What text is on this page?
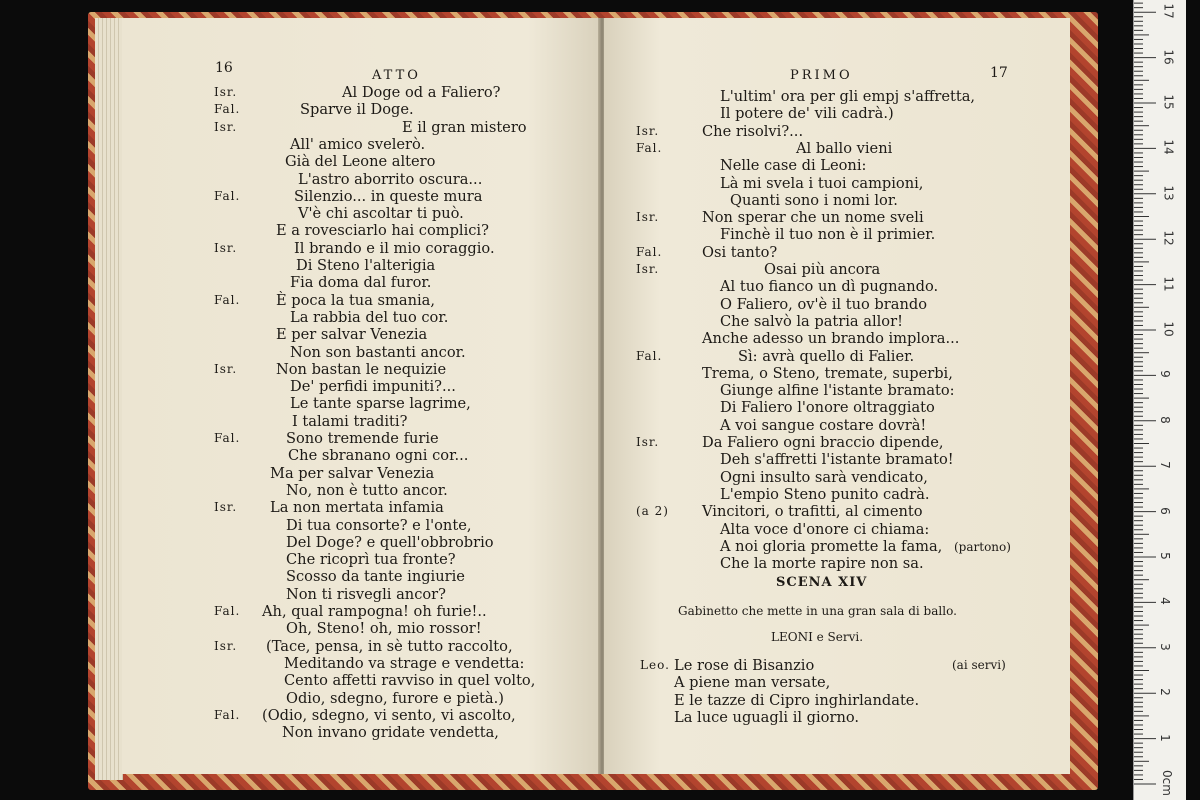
16	ATTO
Isr.	Al Doge od a Faliero?
Fal.	Sparve il Doge.
Isr.	E il gran mistero
All' amico svelerò.
Già del Leone altero
L'astro aborrito oscura...
Fal.	Silenzio... in queste mura
V'è chi ascoltar ti può.
E a rovesciarlo hai complici?
Isr.	Il brando e il mio coraggio.
Di Steno l'alterigia
Fia doma dal furor.
Fal. È poca la tua smania,
La rabbia del tuo cor.
E per salvar Venezia
Non son bastanti ancor.
Isr.	Non bastan le nequizie
De' perfidi impuniti?...
Le tante sparse lagrime,
I talami traditi?
Fal.	Sono tremende furie
Che sbranano ogni cor...
Ma per salvar Venezia
No, non è tutto ancor.
Isr. La non mertata infamia
Di tua consorte? e l'onte,
Del Doge? e quell'obbrobrio
Che ricoprì tua fronte?
Scosso da tante ingiurie
Non ti risvegli ancor?
Fal. Ah, qual rampogna! oh furie!..
Oh, Steno! oh, mio rossor!
Isr. (Tace, pensa, in sè tutto raccolto,
Meditando va strage e vendetta:
Cento affetti ravviso in quel volto,
Odio, sdegno, furore e pietà.)
Fal. (Odio, sdegno, vi sento, vi ascolto,
Non invano gridate vendetta,
PRIMO	17
(partono)
SCENA XIV
Gabinetto che mette in una gran sala di ballo.
LEONI e Servi.
L'ultim' ora per gli empj s'affretta,
Il potere de' vili cadrà.)
Isr.	Che risolvi?...
Fal.	Al ballo vieni
Nelle case di Leoni:
Là mi svela i tuoi campioni,
Quanti sono i nomi lor.
Isr.	Non sperar che un nome sveli
Finchè il tuo non è il primier.
Fal.	Osi tanto?
Isr.	Osai più ancora
Al tuo fianco un dì pugnando.
O Faliero, ov'è il tuo brando
Che salvò la patria allor!
Anche adesso un brando implora...
Fal.	Sì: avrà quello di Falier.
Trema, o Steno, tremate, superbi,
Giunge alfine l'istante bramato:
Di Faliero l'onore oltraggiato
A voi sangue costare dovrà!
Isr.	Da Faliero ogni braccio dipende,
Deh s'affretti l'istante bramato!
Ogni insulto sarà vendicato,
L'empio Steno punito cadrà.
(a 2) Vincitori, o trafitti, al cimento
Alta voce d'onore ci chiama:
A noi gloria promette la fama,
Che la morte rapire non sa.
Leo. Le rose di Bisanzio	(ai servi)
A piene man versate,
E le tazze di Cipro inghirlandate.
La luce uguagli il giorno.
0cm
1
2
3
4
5
6
7
8
9
10
11
12
13
14
15
16
17
